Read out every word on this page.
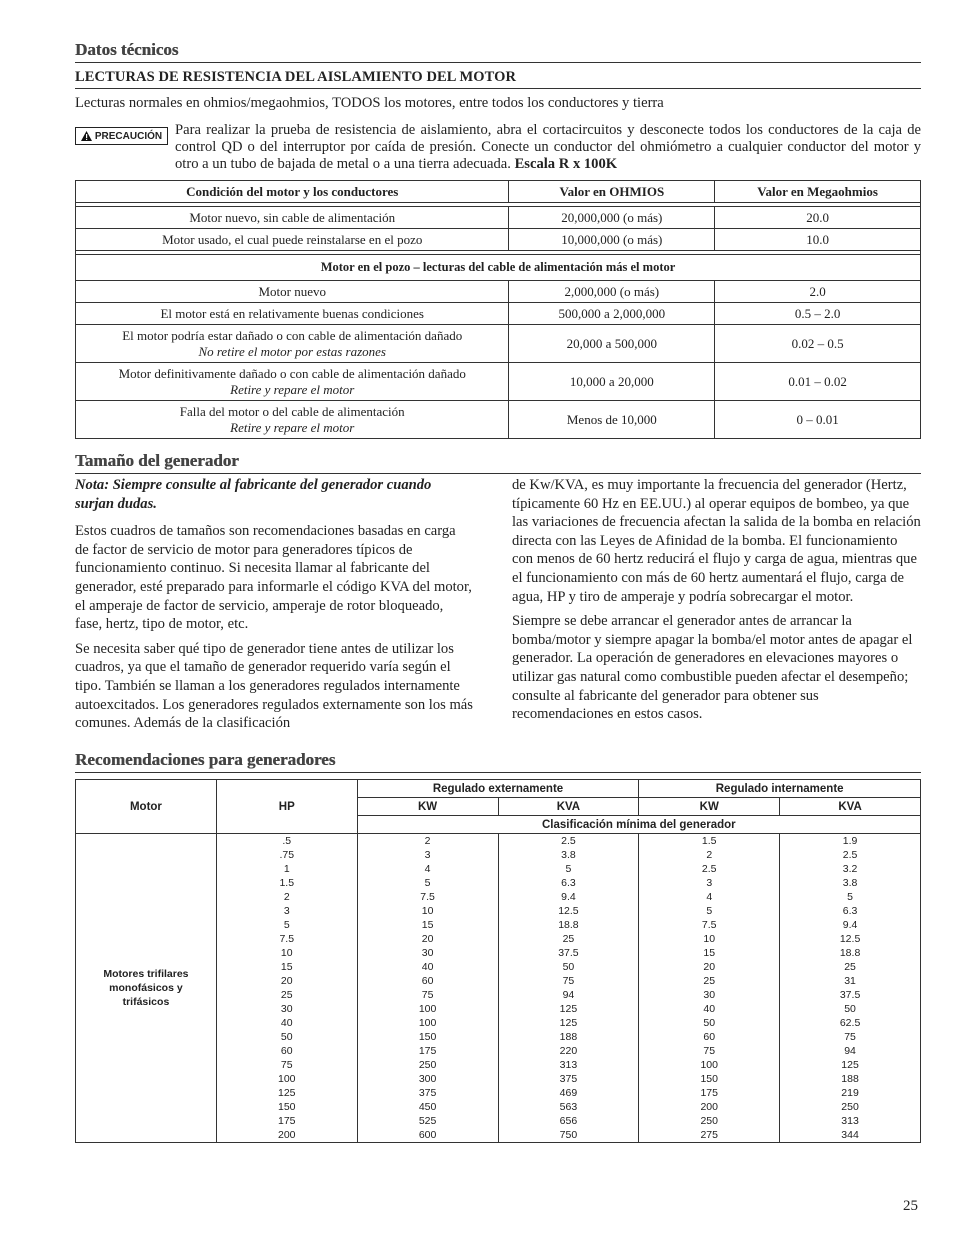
Datos técnicos
LECTURAS DE RESISTENCIA DEL AISLAMIENTO DEL MOTOR
Lecturas normales en ohmios/megaohmios, TODOS los motores, entre todos los conductores y tierra
PRECAUCIÓN Para realizar la prueba de resistencia de aislamiento, abra el cortacircuitos y desconecte todos los conductores de la caja de control QD o del interruptor por caída de presión. Conecte un conductor del ohmiómetro a cualquier conductor del motor y otro a un tubo de bajada de metal o a una tierra adecuada. Escala R x 100K
Condición del motor y los conductores	Valor en OHMIOS	Valor en Megaohmios

Motor nuevo, sin cable de alimentación	20,000,000 (o más)	20.0
Motor usado, el cual puede reinstalarse en el pozo	10,000,000 (o más)	10.0

Motor en el pozo – lecturas del cable de alimentación más el motor		
Motor nuevo	2,000,000 (o más)	2.0
El motor está en relativamente buenas condiciones	500,000 a 2,000,000	0.5 – 2.0

El motor podría estar dañado o con cable de alimentación dañado
No retire el motor por estas razones	20,000 a 500,000	0.02 – 0.5

Motor definitivamente dañado o con cable de alimentación dañado
Retire y repare el motor	10,000 a 20,000	0.01 – 0.02

Falla del motor o del cable de alimentación
Retire y repare el motor	Menos de 10,000	0 – 0.01
Tamaño del generador
Nota: Siempre consulte al fabricante del generador cuando surjan dudas.
Estos cuadros de tamaños son recomendaciones basadas en carga de factor de servicio de motor para generadores típicos de funcionamiento continuo. Si necesita llamar al fabricante del generador, esté preparado para informarle el código KVA del motor, el amperaje de factor de servicio, amperaje de rotor bloqueado, fase, hertz, tipo de motor, etc.
Se necesita saber qué tipo de generador tiene antes de utilizar los cuadros, ya que el tamaño de generador requerido varía según el tipo. También se llaman a los generadores regulados internamente autoexcitados. Los generadores regulados externamente son los más comunes. Además de la clasificación
de Kw/KVA, es muy importante la frecuencia del generador (Hertz, típicamente 60 Hz en EE.UU.) al operar equipos de bombeo, ya que las variaciones de frecuencia afectan la salida de la bomba en relación directa con las Leyes de Afinidad de la bomba. El funcionamiento con menos de 60 hertz reducirá el flujo y carga de agua, mientras que el funcionamiento con más de 60 hertz aumentará el flujo, carga de agua, HP y tiro de amperaje y podría sobrecargar el motor.
Siempre se debe arrancar el generador antes de arrancar la bomba/motor y siempre apagar la bomba/el motor antes de apagar el generador. La operación de generadores en elevaciones mayores o utilizar gas natural como combustible pueden afectar el desempeño; consulte al fabricante del generador para obtener sus recomendaciones en estos casos.
Recomendaciones para generadores
Motor	HP	Regulado externamente		Regulado internamente	
		KW	KVA	KW	KVA
		Clasificación mínima del generador			

Motores trifilares
monofásicos y
trifásicos	.5	2	2.5	1.5	1.9
	.75	3	3.8	2	2.5
	1	4	5	2.5	3.2
	1.5	5	6.3	3	3.8
	2	7.5	9.4	4	5
	3	10	12.5	5	6.3
	5	15	18.8	7.5	9.4
	7.5	20	25	10	12.5
	10	30	37.5	15	18.8
	15	40	50	20	25
	20	60	75	25	31
	25	75	94	30	37.5
	30	100	125	40	50
	40	100	125	50	62.5
	50	150	188	60	75
	60	175	220	75	94
	75	250	313	100	125
	100	300	375	150	188
	125	375	469	175	219
	150	450	563	200	250
	175	525	656	250	313
	200	600	750	275	344
25
